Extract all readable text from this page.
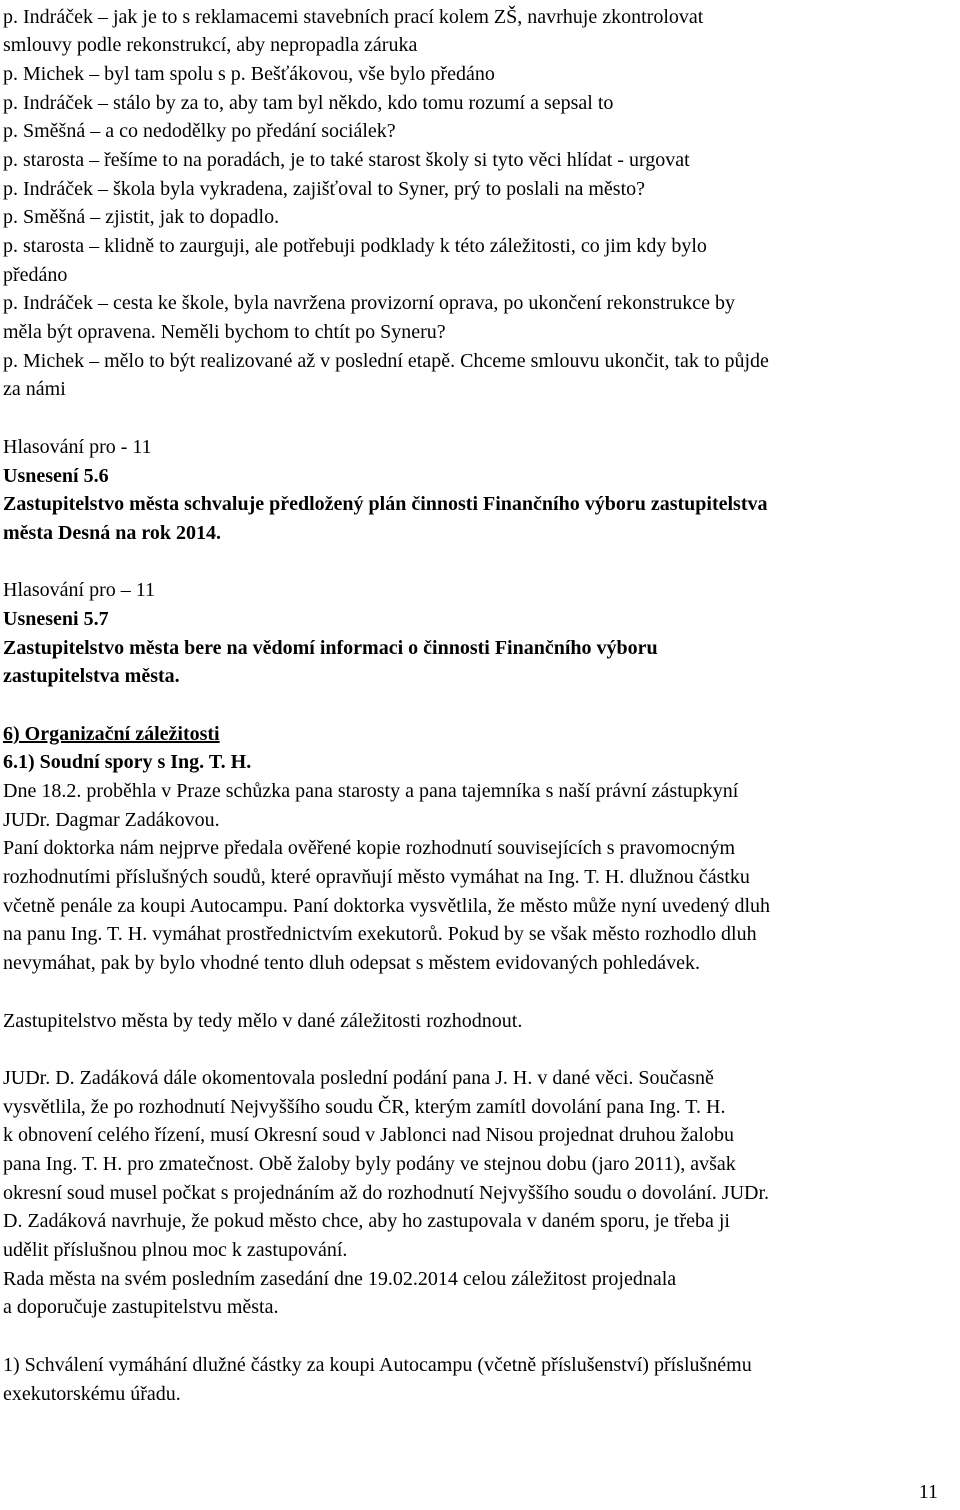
p. Indráček – jak je to s reklamacemi stavebních prací kolem ZŠ, navrhuje zkontrolovat
smlouvy podle rekonstrukcí, aby nepropadla záruka
p. Michek – byl tam spolu s p. Bešťákovou, vše bylo předáno
p. Indráček – stálo by za to, aby tam byl někdo, kdo tomu rozumí a sepsal to
p. Směšná – a co nedodělky po předání sociálek?
p. starosta – řešíme to na poradách, je to také starost školy si tyto věci hlídat - urgovat
p. Indráček – škola byla vykradena, zajišťoval to Syner, prý to poslali na město?
p. Směšná – zjistit, jak to dopadlo.
p. starosta – klidně to zaurguji, ale potřebuji podklady k této záležitosti, co jim kdy bylo
předáno
p. Indráček – cesta ke škole, byla navržena provizorní oprava, po ukončení rekonstrukce by
měla být opravena. Neměli bychom to chtít po Syneru?
p. Michek – mělo to být realizované až v poslední etapě. Chceme smlouvu ukončit, tak to půjde
za námi
Hlasování pro - 11
Usnesení 5.6
Zastupitelstvo města schvaluje předložený plán činnosti Finančního výboru zastupitelstva
města Desná na rok 2014.
Hlasování pro – 11
Usneseni 5.7
Zastupitelstvo města bere na vědomí informaci o činnosti Finančního výboru
zastupitelstva města.
6) Organizační záležitosti
6.1) Soudní spory s Ing. T. H.
Dne 18.2. proběhla v Praze schůzka pana starosty a pana tajemníka s naší právní zástupkyní
JUDr. Dagmar Zadákovou.
Paní doktorka nám nejprve předala ověřené kopie rozhodnutí souvisejících s pravomocným
rozhodnutími příslušných soudů, které opravňují město vymáhat na Ing. T. H. dlužnou částku
včetně penále za koupi Autocampu. Paní doktorka vysvětlila, že město může nyní uvedený dluh
na panu Ing. T. H. vymáhat prostřednictvím exekutorů. Pokud by se však město rozhodlo dluh
nevymáhat, pak by bylo vhodné tento dluh odepsat s městem evidovaných pohledávek.
Zastupitelstvo města by tedy mělo v dané záležitosti rozhodnout.
JUDr. D. Zadáková dále okomentovala poslední podání pana J. H. v dané věci. Současně
vysvětlila, že po rozhodnutí Nejvyššího soudu ČR, kterým zamítl dovolání pana Ing. T. H.
k obnovení celého řízení, musí Okresní soud v Jablonci nad Nisou projednat druhou žalobu
pana Ing. T. H. pro zmatečnost. Obě žaloby byly podány ve stejnou dobu (jaro 2011), avšak
okresní soud musel počkat s projednáním až do rozhodnutí Nejvyššího soudu o dovolání. JUDr.
D. Zadáková navrhuje, že pokud město chce, aby ho zastupovala v daném sporu, je třeba ji
udělit příslušnou plnou moc k zastupování.
Rada města na svém posledním zasedání dne 19.02.2014 celou záležitost projednala
a doporučuje zastupitelstvu města.
1) Schválení vymáhání dlužné částky za koupi Autocampu (včetně příslušenství) příslušnému
exekutorskému úřadu.
11
